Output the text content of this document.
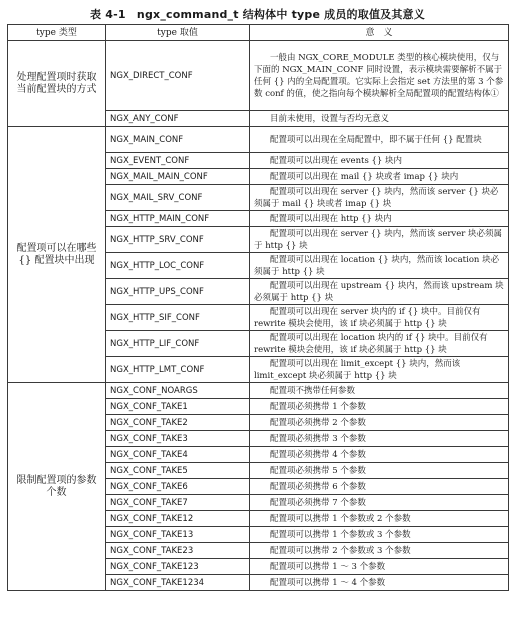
表 4-1　ngx_command_t 结构体中 type 成员的取值及其意义
type 类型	type 取值	意　义
处理配置项时获取当前配置块的方式	NGX_DIRECT_CONF	一般由 NGX_CORE_MODULE 类型的核心模块使用，仅与下面的 NGX_MAIN_CONF 同时设置，表示模块需要解析不属于任何 {} 内的全局配置项。它实际上会指定 set 方法里的第 3 个参数 conf 的值，使之指向每个模块解析全局配置项的配置结构体①
	NGX_ANY_CONF	目前未使用，设置与否均无意义
配置项可以在哪些 {} 配置块中出现	NGX_MAIN_CONF	配置项可以出现在全局配置中，即不属于任何 {} 配置块
	NGX_EVENT_CONF	配置项可以出现在 events {} 块内
	NGX_MAIL_MAIN_CONF	配置项可以出现在 mail {} 块或者 imap {} 块内
	NGX_MAIL_SRV_CONF	配置项可以出现在 server {} 块内，然而该 server {} 块必须属于 mail {} 块或者 imap {} 块
	NGX_HTTP_MAIN_CONF	配置项可以出现在 http {} 块内
	NGX_HTTP_SRV_CONF	配置项可以出现在 server {} 块内，然而该 server 块必须属于 http {} 块
	NGX_HTTP_LOC_CONF	配置项可以出现在 location {} 块内，然而该 location 块必须属于 http {} 块
	NGX_HTTP_UPS_CONF	配置项可以出现在 upstream {} 块内，然而该 upstream 块必须属于 http {} 块
	NGX_HTTP_SIF_CONF	配置项可以出现在 server 块内的 if {} 块中。目前仅有 rewrite 模块会使用，该 if 块必须属于 http {} 块
	NGX_HTTP_LIF_CONF	配置项可以出现在 location 块内的 if {} 块中。目前仅有 rewrite 模块会使用，该 if 块必须属于 http {} 块
	NGX_HTTP_LMT_CONF	配置项可以出现在 limit_except {} 块内，然而该 limit_except 块必须属于 http {} 块
限制配置项的参数个数	NGX_CONF_NOARGS	配置项不携带任何参数
	NGX_CONF_TAKE1	配置项必须携带 1 个参数
	NGX_CONF_TAKE2	配置项必须携带 2 个参数
	NGX_CONF_TAKE3	配置项必须携带 3 个参数
	NGX_CONF_TAKE4	配置项必须携带 4 个参数
	NGX_CONF_TAKE5	配置项必须携带 5 个参数
	NGX_CONF_TAKE6	配置项必须携带 6 个参数
	NGX_CONF_TAKE7	配置项必须携带 7 个参数
	NGX_CONF_TAKE12	配置项可以携带 1 个参数或 2 个参数
	NGX_CONF_TAKE13	配置项可以携带 1 个参数或 3 个参数
	NGX_CONF_TAKE23	配置项可以携带 2 个参数或 3 个参数
	NGX_CONF_TAKE123	配置项可以携带 1 ～ 3 个参数
	NGX_CONF_TAKE1234	配置项可以携带 1 ～ 4 个参数
